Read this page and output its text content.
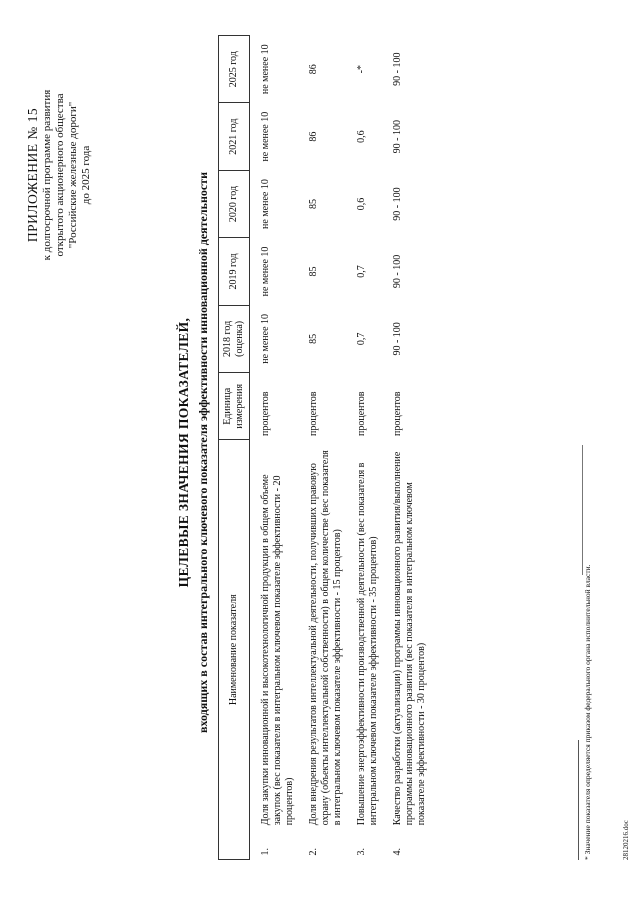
ПРИЛОЖЕНИЕ № 15 к долгосрочной программе развития открытого акционерного общества "Российские железные дороги" до 2025 года
ЦЕЛЕВЫЕ ЗНАЧЕНИЯ ПОКАЗАТЕЛЕЙ, входящих в состав интегрального ключевого показателя эффективности инновационной деятельности Наименование показателя		Единица измерения	2018 год (оценка)	2019 год	2020 год	2021 год	2025 год

1.	Доля закупки инновационной и высокотехнологичной продукции в общем объеме закупок (вес показателя в интегральном ключевом показателе эффективности - 20 процентов)	процентов	не менее 10	не менее 10	не менее 10	не менее 10	не менее 10

2.	Доля внедрения результатов интеллектуальной деятельности, получивших правовую охрану (объекты интеллектуальной собственности) в общем количестве (вес показателя в интегральном ключевом показателе эффективности - 15 процентов)	процентов	85	85	85	86	86

3.	Повышение энергоэффективности производственной деятельности (вес показателя в интегральном ключевом показателе эффективности - 35 процентов)	процентов	0,7	0,7	0,6	0,6	-*

4.	Качество разработки (актуализации) программы инновационного развития/выполнение программы инновационного развития (вес показателя в интегральном ключевом показателе эффективности - 30 процентов)	процентов	90 - 100	90 - 100	90 - 100	90 - 100	90 - 100
* Значение показателя определяется приказом федерального органа исполнительной власти.	28120216.doc
